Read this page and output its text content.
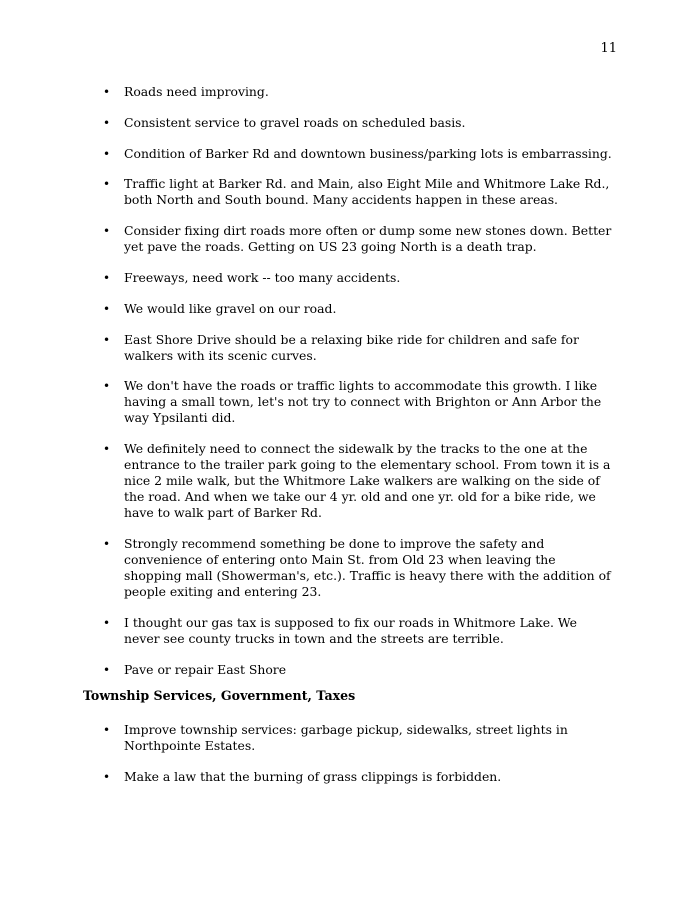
11
• Roads need improving.
• Consistent service to gravel roads on scheduled basis.
• Condition of Barker Rd and downtown business/parking lots is embarrassing.
• Traffic light at Barker Rd. and Main, also Eight Mile and Whitmore Lake Rd., both North and South bound. Many accidents happen in these areas.
• Consider fixing dirt roads more often or dump some new stones down. Better yet pave the roads. Getting on US 23 going North is a death trap.
• Freeways, need work -- too many accidents.
• We would like gravel on our road.
• East Shore Drive should be a relaxing bike ride for children and safe for walkers with its scenic curves.
• We don't have the roads or traffic lights to accommodate this growth. I like having a small town, let's not try to connect with Brighton or Ann Arbor the way Ypsilanti did.
• We definitely need to connect the sidewalk by the tracks to the one at the entrance to the trailer park going to the elementary school. From town it is a nice 2 mile walk, but the Whitmore Lake walkers are walking on the side of the road. And when we take our 4 yr. old and one yr. old for a bike ride, we have to walk part of Barker Rd.
• Strongly recommend something be done to improve the safety and convenience of entering onto Main St. from Old 23 when leaving the shopping mall (Showerman's, etc.). Traffic is heavy there with the addition of people exiting and entering 23.
• I thought our gas tax is supposed to fix our roads in Whitmore Lake. We never see county trucks in town and the streets are terrible.
• Pave or repair East Shore
Township Services, Government, Taxes
• Improve township services: garbage pickup, sidewalks, street lights in Northpointe Estates.
• Make a law that the burning of grass clippings is forbidden.
